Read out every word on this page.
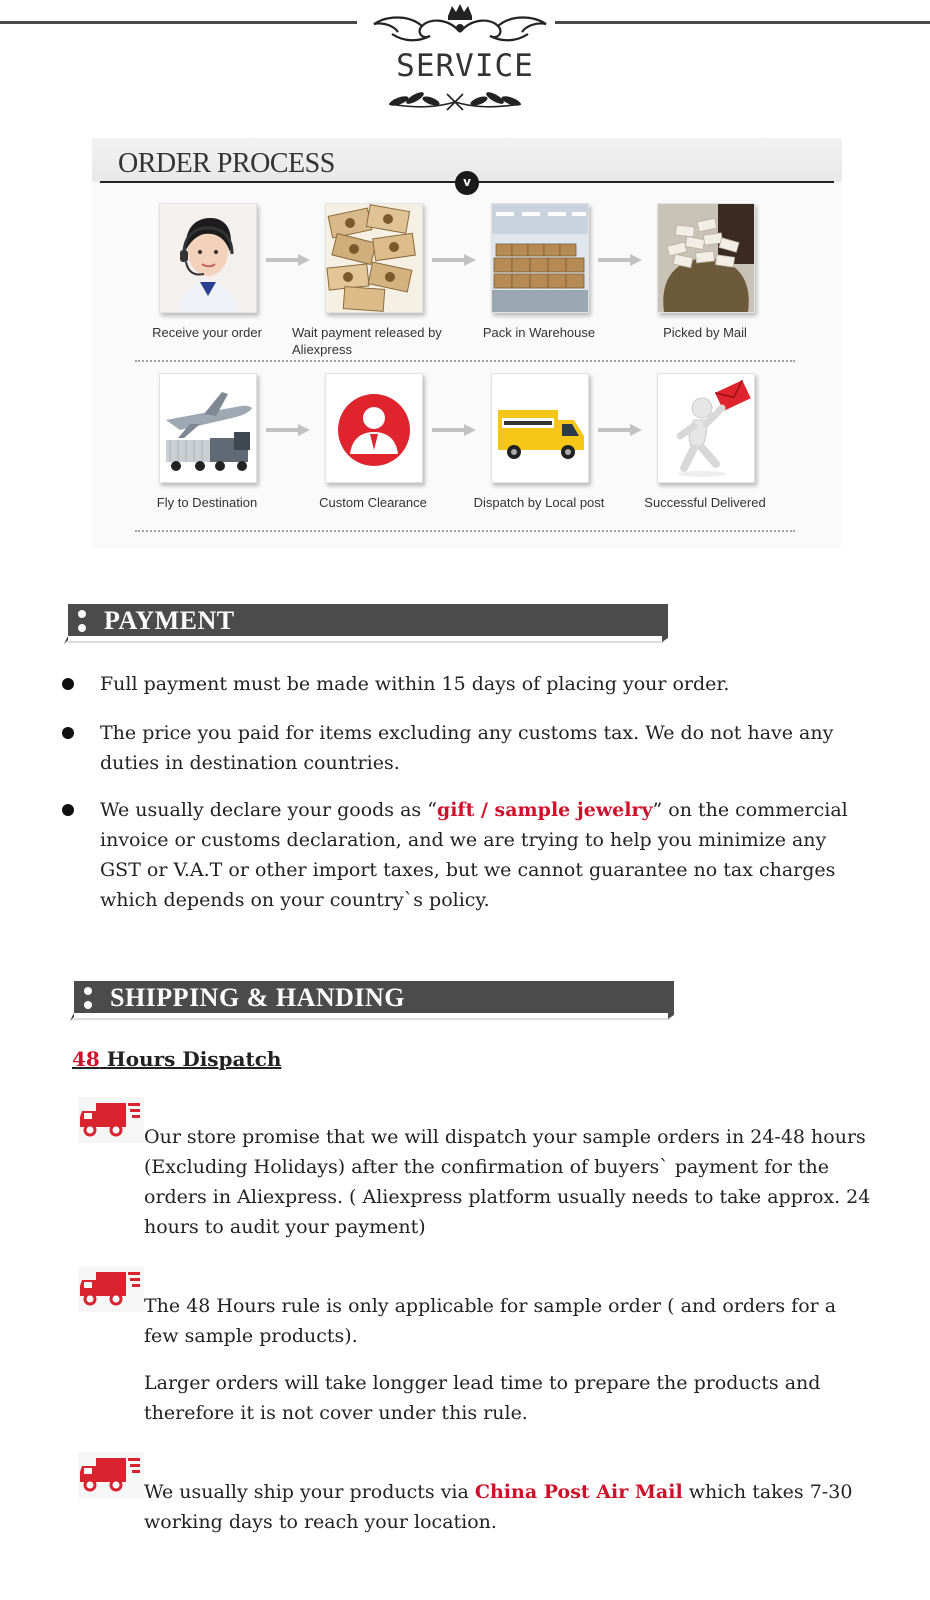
SERVICE
ORDER PROCESS
v
Receive your order	Wait payment released by Aliexpress
Pack in Warehouse	Picked by Mail
Fly to Destination	Custom Clearance	Dispatch by Local post	Successful Delivered
PAYMENT
Full payment must be made within 15 days of placing your order.
The price you paid for items excluding any customs tax. We do not have any duties in destination countries.
We usually declare your goods as “gift / sample jewelry” on the commercial invoice or customs declaration, and we are trying to help you minimize any GST or V.A.T or other import taxes, but we cannot guarantee no tax charges which depends on your country`s policy.
SHIPPING & HANDING
48 Hours Dispatch
Our store promise that we will dispatch your sample orders in 24-48 hours (Excluding Holidays) after the confirmation of buyers` payment for the orders in Aliexpress. ( Aliexpress platform usually needs to take approx. 24 hours to audit your payment)
The 48 Hours rule is only applicable for sample order ( and orders for a few sample products).
Larger orders will take longger lead time to prepare the products and therefore it is not cover under this rule.
We usually ship your products via China Post Air Mail which takes 7-30 working days to reach your location.
